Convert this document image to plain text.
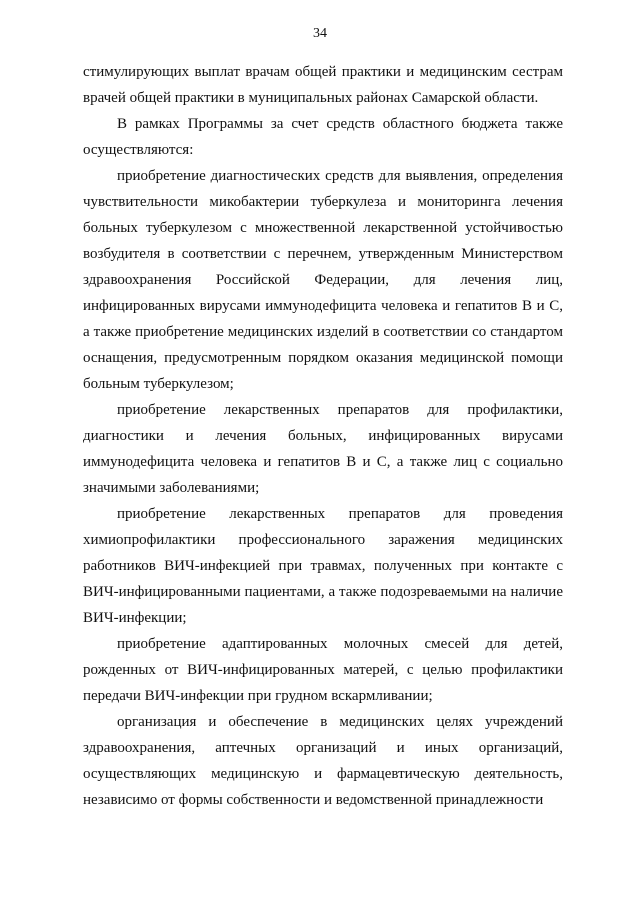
34

стимулирующих выплат врачам общей практики и медицинским сестрам врачей общей практики в муниципальных районах Самарской области.

В рамках Программы за счет средств областного бюджета также осуществляются:

приобретение диагностических средств для выявления, определения чувствительности микобактерии туберкулеза и мониторинга лечения больных туберкулезом с множественной лекарственной устойчивостью возбудителя в соответствии с перечнем, утвержденным Министерством здравоохранения Российской Федерации, для лечения лиц, инфицированных вирусами иммунодефицита человека и гепатитов В и С, а также приобретение медицинских изделий в соответствии со стандартом оснащения, предусмотренным порядком оказания медицинской помощи больным туберкулезом;

приобретение лекарственных препаратов для профилактики, диагностики и лечения больных, инфицированных вирусами иммунодефицита человека и гепатитов В и С, а также лиц с социально значимыми заболеваниями;

приобретение лекарственных препаратов для проведения химиопрофилактики профессионального заражения медицинских работников ВИЧ-инфекцией при травмах, полученных при контакте с ВИЧ-инфицированными пациентами, а также подозреваемыми на наличие ВИЧ-инфекции;

приобретение адаптированных молочных смесей для детей, рожденных от ВИЧ-инфицированных матерей, с целью профилактики передачи ВИЧ-инфекции при грудном вскармливании;

организация и обеспечение в медицинских целях учреждений здравоохранения, аптечных организаций и иных организаций, осуществляющих медицинскую и фармацевтическую деятельность, независимо от формы собственности и ведомственной принадлежности
